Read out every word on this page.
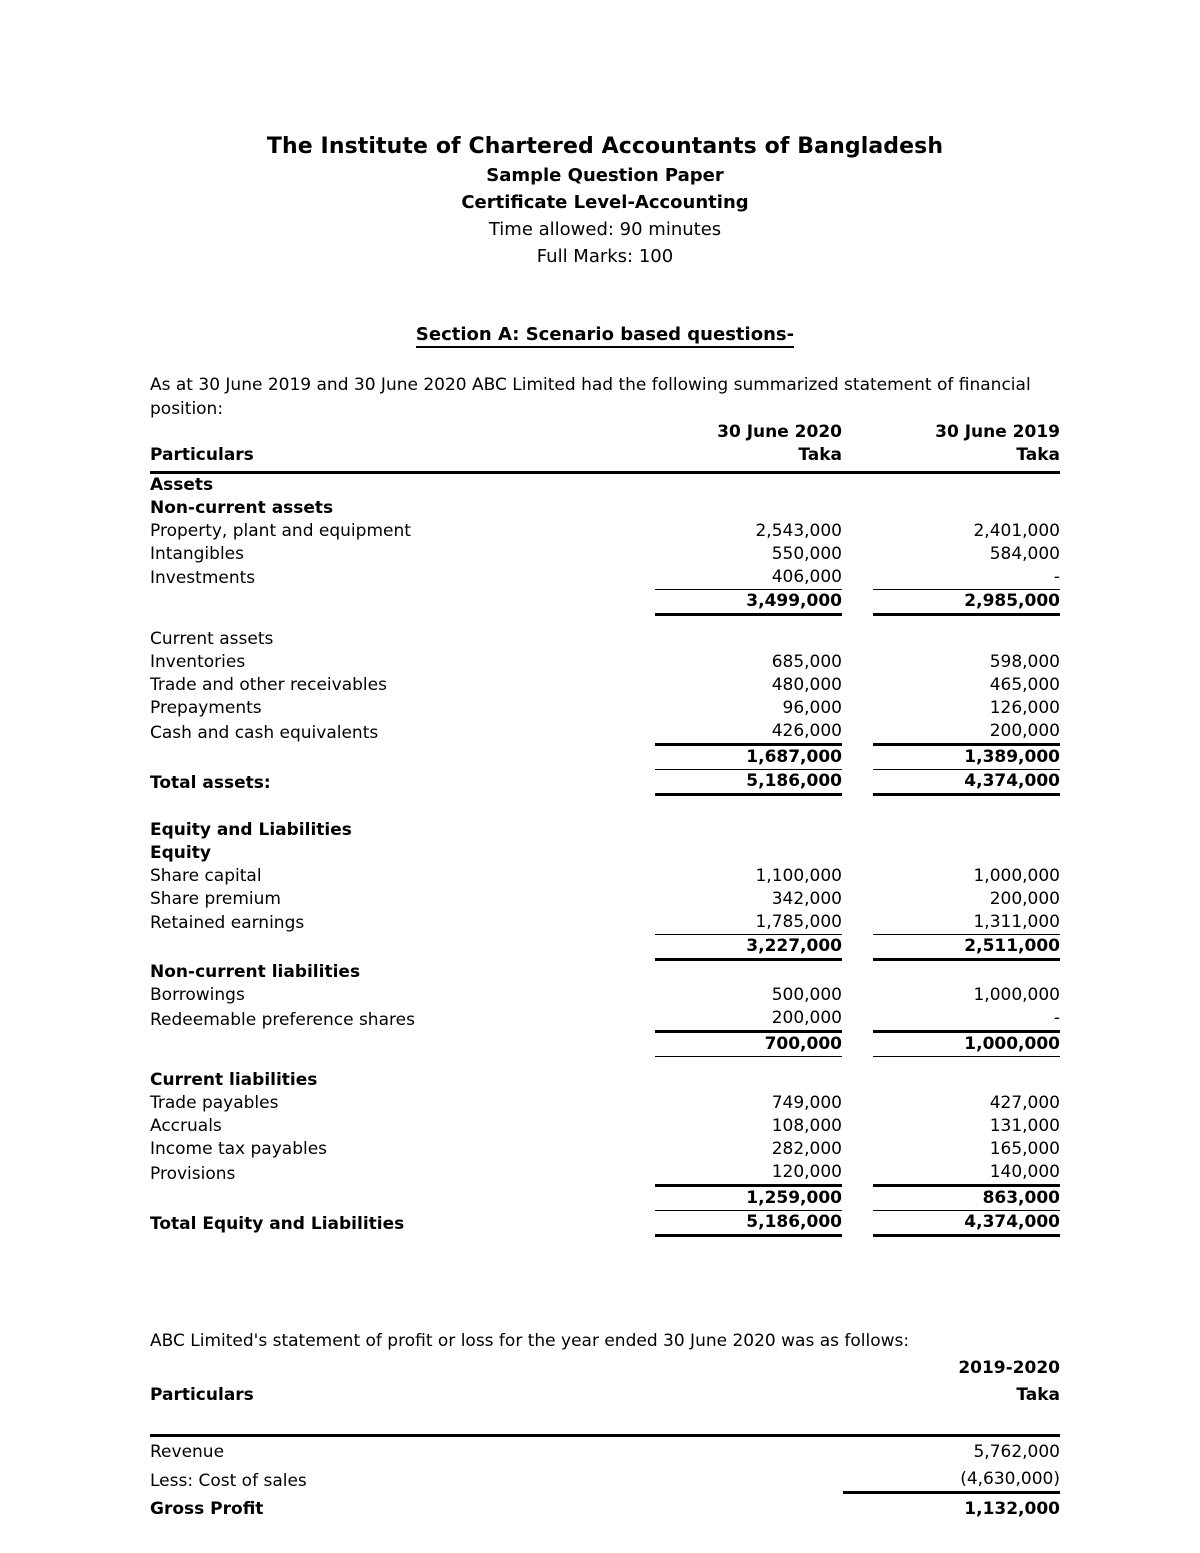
The Institute of Chartered Accountants of Bangladesh
Sample Question Paper
Certificate Level-Accounting
Time allowed: 90 minutes
Full Marks: 100
Section A: Scenario based questions-
As at 30 June 2019 and 30 June 2020 ABC Limited had the following summarized statement of financial position:
		30 June 2020		30 June 2019
Particulars		Taka		Taka

Assets				
Non-current assets				
Property, plant and equipment		2,543,000		2,401,000
Intangibles		550,000		584,000
Investments		406,000		-
		3,499,000		2,985,000

Current assets				
Inventories		685,000		598,000
Trade and other receivables		480,000		465,000
Prepayments		96,000		126,000
Cash and cash equivalents		426,000		200,000
		1,687,000		1,389,000
Total assets:		5,186,000		4,374,000

Equity and Liabilities				
Equity				
Share capital		1,100,000		1,000,000
Share premium		342,000		200,000
Retained earnings		1,785,000		1,311,000
		3,227,000		2,511,000
Non-current liabilities				
Borrowings		500,000		1,000,000
Redeemable preference shares		200,000		-
		700,000		1,000,000

Current liabilities				
Trade payables		749,000		427,000
Accruals		108,000		131,000
Income tax payables		282,000		165,000
Provisions		120,000		140,000
		1,259,000		863,000
Total Equity and Liabilities		5,186,000		4,374,000
ABC Limited's statement of profit or loss for the year ended 30 June 2020 was as follows:
	2019-2020
Particulars	Taka

Revenue	5,762,000
Less: Cost of sales	(4,630,000)
Gross Profit	1,132,000
